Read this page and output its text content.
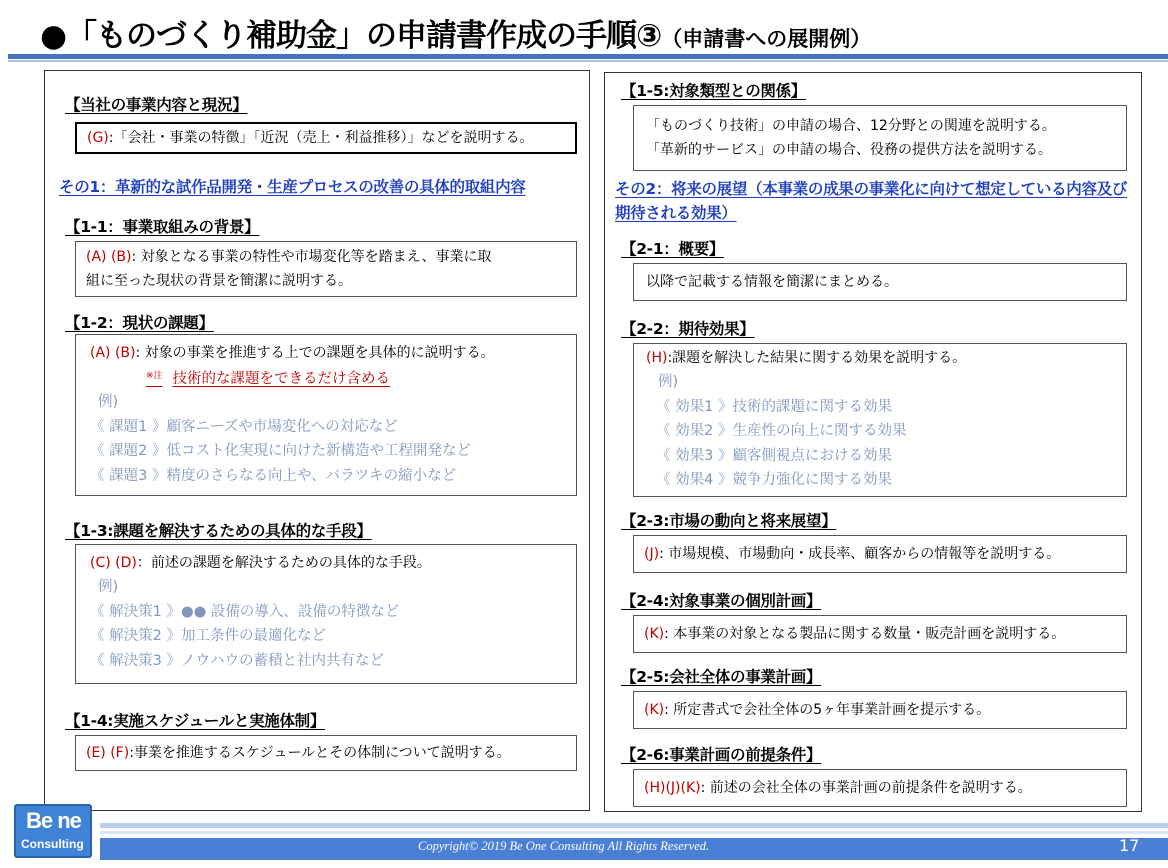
●「ものづくり補助金」の申請書作成の手順③（申請書への展開例）
【当社の事業内容と現況】
(G):「会社・事業の特徴」「近況（売上・利益推移）」などを説明する。
その1：革新的な試作品開発・生産プロセスの改善の具体的取組内容
【1-1：事業取組みの背景】
(A) (B): 対象となる事業の特性や市場変化等を踏まえ、事業に取
組に至った現状の背景を簡潔に説明する。
【1-2：現状の課題】
(A) (B): 対象の事業を推進する上での課題を具体的に説明する。
$^{※注}$ 技術的な課題をできるだけ含める
例)
《 課題1 》顧客ニーズや市場変化への対応など
《 課題2 》低コスト化実現に向けた新構造や工程開発など
《 課題3 》精度のさらなる向上や、バラツキの縮小など
【1-3:課題を解決するための具体的な手段】
(C) (D)：前述の課題を解決するための具体的な手段。
例)
《 解決策1 》●● 設備の導入、設備の特徴など
《 解決策2 》加工条件の最適化など
《 解決策3 》ノウハウの蓄積と社内共有など
【1-4:実施スケジュールと実施体制】
(E) (F):事業を推進するスケジュールとその体制について説明する。
【1-5:対象類型との関係】
「ものづくり技術」の申請の場合、12分野との関連を説明する。
「革新的サービス」の申請の場合、役務の提供方法を説明する。
その2：将来の展望（本事業の成果の事業化に向けて想定している内容及び期待される効果）
【2-1：概要】
以降で記載する情報を簡潔にまとめる。
【2-2：期待効果】
(H):課題を解決した結果に関する効果を説明する。
例)
《 効果1 》技術的課題に関する効果
《 効果2 》生産性の向上に関する効果
《 効果3 》顧客側視点における効果
《 効果4 》競争力強化に関する効果
【2-3:市場の動向と将来展望】
(J): 市場規模、市場動向・成長率、顧客からの情報等を説明する。
【2-4:対象事業の個別計画】
(K): 本事業の対象となる製品に関する数量・販売計画を説明する。
【2-5:会社全体の事業計画】
(K): 所定書式で会社全体の5ヶ年事業計画を提示する。
【2-6:事業計画の前提条件】
(H)(J)(K): 前述の会社全体の事業計画の前提条件を説明する。
Copyright© 2019 Be One Consulting All Rights Reserved.	17
Be ne
Consulting
